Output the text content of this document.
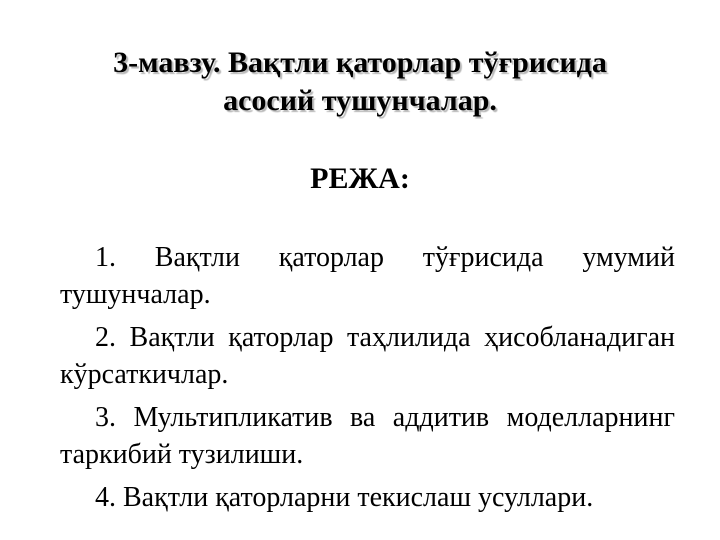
3-мавзу. Вақтли қаторлар тўғрисида
асосий тушунчалар.
РЕЖА:

1. Вақтли қаторлар тўғрисида умумий тушунчалар.

2. Вақтли қаторлар таҳлилида ҳисобланадиган кўрсаткичлар.

3. Мультипликатив ва аддитив моделларнинг таркибий тузилиши.

4. Вақтли қаторларни текислаш усуллари.
